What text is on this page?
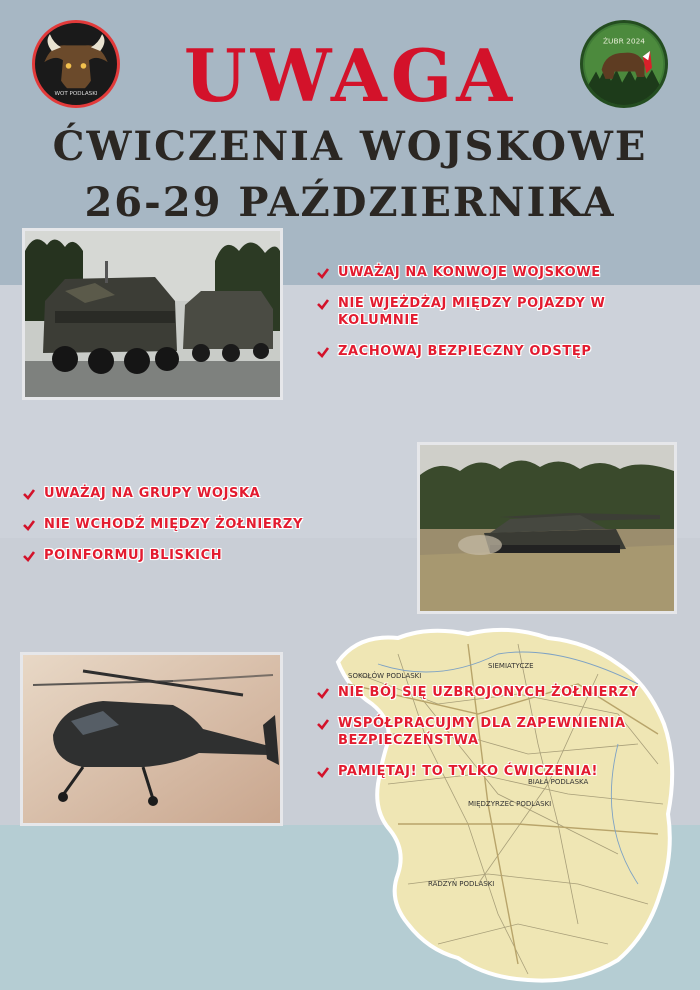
WOT PODLASKI
ŻUBR 2024
UWAGA
ĆWICZENIA WOJSKOWE
26-29 PAŹDZIERNIKA
UWAŻAJ NA KONWOJE WOJSKOWE
NIE WJEŻDŻAJ MIĘDZY POJAZDY W KOLUMNIE
ZACHOWAJ BEZPIECZNY ODSTĘP
UWAŻAJ NA GRUPY WOJSKA
NIE WCHODŹ MIĘDZY ŻOŁNIERZY
POINFORMUJ BLISKICH
SOKOŁÓW PODLASKI
SIEMIATYCZE
BIAŁA PODLASKA
MIĘDZYRZEC PODLASKI
RADZYŃ PODLASKI
NIE BÓJ SIĘ UZBROJONYCH ŻOŁNIERZY
WSPÓŁPRACUJMY DLA ZAPEWNIENIA BEZPIECZEŃSTWA
PAMIĘTAJ! TO TYLKO ĆWICZENIA!
